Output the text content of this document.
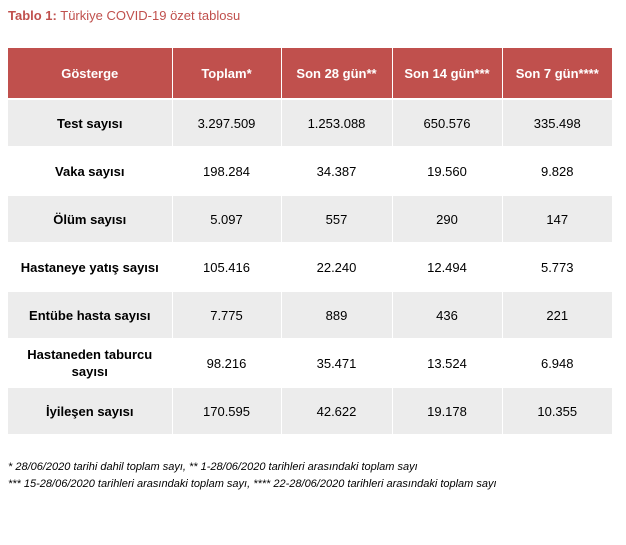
Tablo 1: Türkiye COVID-19 özet tablosu
Gösterge	Toplam*	Son 28 gün**	Son 14 gün***	Son 7 gün****
Test sayısı	3.297.509	1.253.088	650.576	335.498
Vaka sayısı	198.284	34.387	19.560	9.828
Ölüm sayısı	5.097	557	290	147
Hastaneye yatış sayısı	105.416	22.240	12.494	5.773
Entübe hasta sayısı	7.775	889	436	221
Hastaneden taburcu sayısı	98.216	35.471	13.524	6.948
İyileşen sayısı	170.595	42.622	19.178	10.355
* 28/06/2020 tarihi dahil toplam sayı, ** 1-28/06/2020 tarihleri arasındaki toplam sayı
*** 15-28/06/2020 tarihleri arasındaki toplam sayı, **** 22-28/06/2020 tarihleri arasındaki toplam sayı
